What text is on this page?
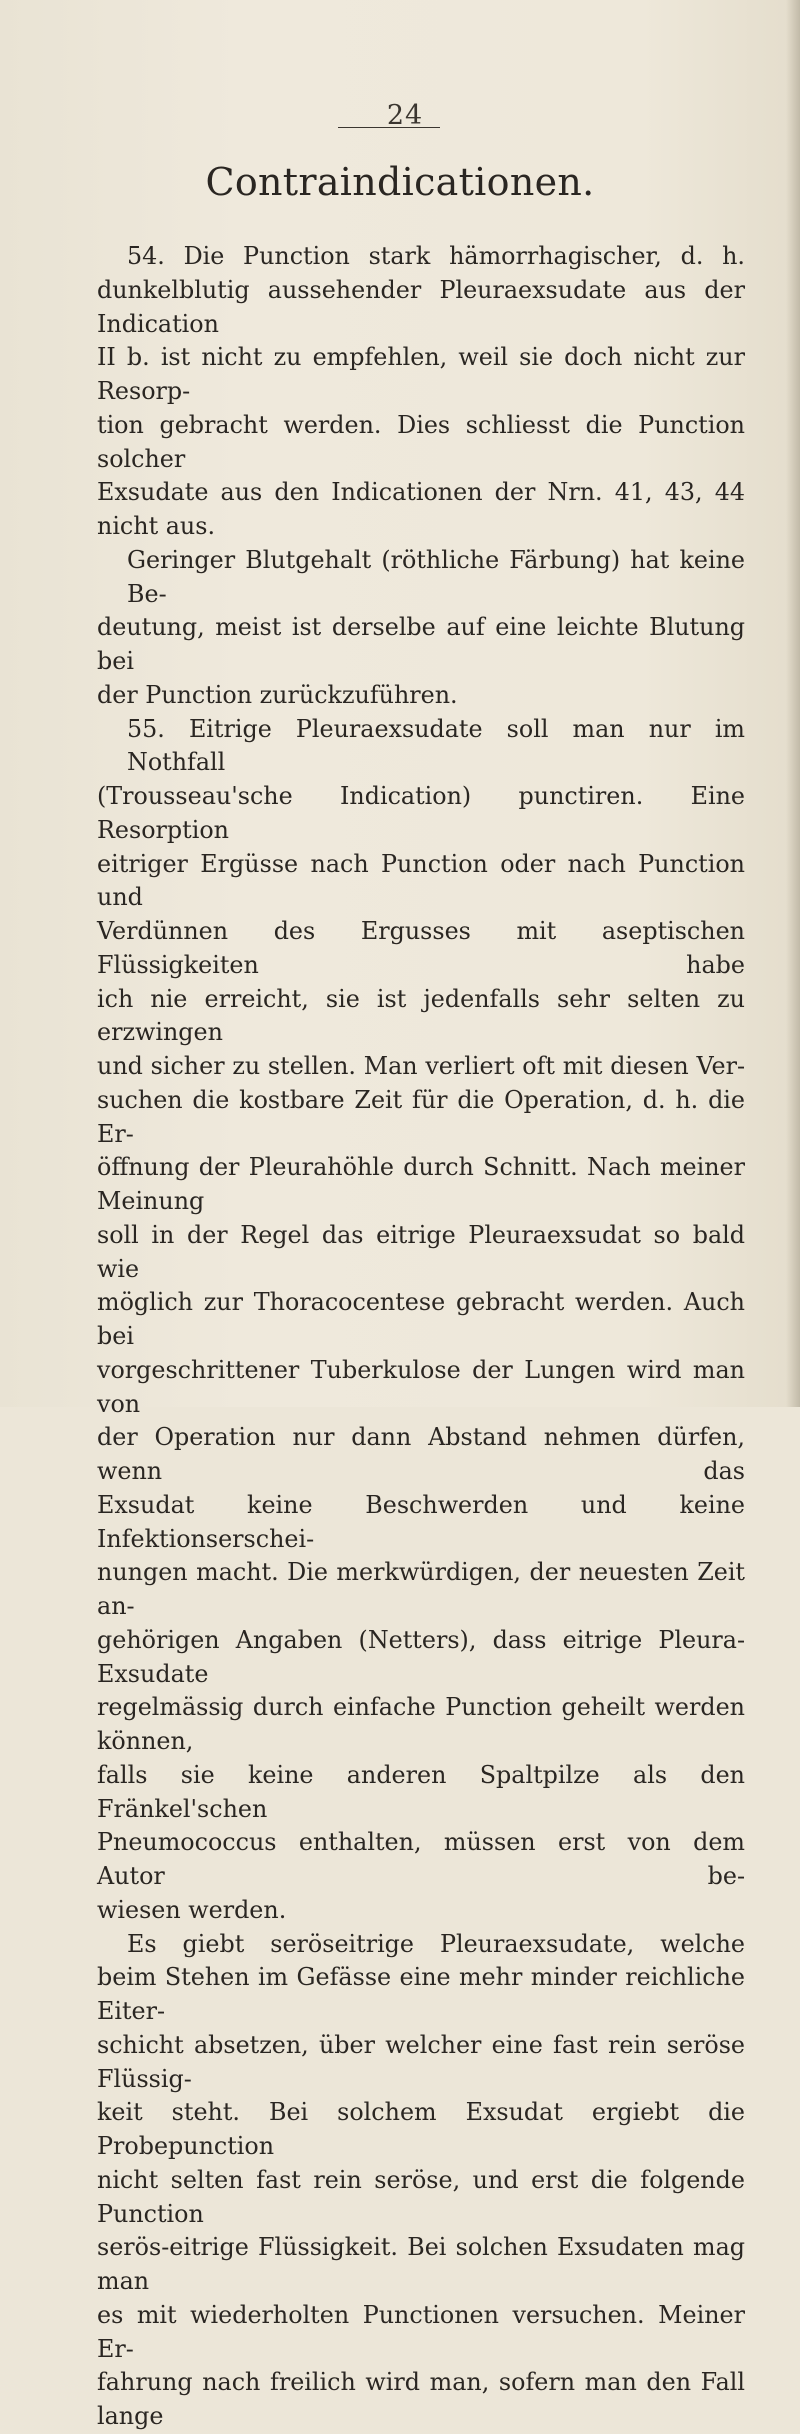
24
Contraindicationen.

54. Die Punction stark hämorrhagischer, d. h.
dunkelblutig aussehender Pleuraexsudate aus der Indication
II b. ist nicht zu empfehlen, weil sie doch nicht zur Resorp-
tion gebracht werden. Dies schliesst die Punction solcher
Exsudate aus den Indicationen der Nrn. 41, 43, 44 nicht aus.

Geringer Blutgehalt (röthliche Färbung) hat keine Be-
deutung, meist ist derselbe auf eine leichte Blutung bei
der Punction zurückzuführen.

55. Eitrige Pleuraexsudate soll man nur im Nothfall
(Trousseau'sche Indication) punctiren. Eine Resorption
eitriger Ergüsse nach Punction oder nach Punction und
Verdünnen des Ergusses mit aseptischen Flüssigkeiten habe
ich nie erreicht, sie ist jedenfalls sehr selten zu erzwingen
und sicher zu stellen. Man verliert oft mit diesen Ver-
suchen die kostbare Zeit für die Operation, d. h. die Er-
öffnung der Pleurahöhle durch Schnitt. Nach meiner Meinung
soll in der Regel das eitrige Pleuraexsudat so bald wie
möglich zur Thoracocentese gebracht werden. Auch bei
vorgeschrittener Tuberkulose der Lungen wird man von
der Operation nur dann Abstand nehmen dürfen, wenn das
Exsudat keine Beschwerden und keine Infektionserschei-
nungen macht. Die merkwürdigen, der neuesten Zeit an-
gehörigen Angaben (Netters), dass eitrige Pleura-Exsudate
regelmässig durch einfache Punction geheilt werden können,
falls sie keine anderen Spaltpilze als den Fränkel'schen
Pneumococcus enthalten, müssen erst von dem Autor be-
wiesen werden.

Es giebt seröseitrige Pleuraexsudate, welche
beim Stehen im Gefässe eine mehr minder reichliche Eiter-
schicht absetzen, über welcher eine fast rein seröse Flüssig-
keit steht. Bei solchem Exsudat ergiebt die Probepunction
nicht selten fast rein seröse, und erst die folgende Punction
serös-eitrige Flüssigkeit. Bei solchen Exsudaten mag man
es mit wiederholten Punctionen versuchen. Meiner Er-
fahrung nach freilich wird man, sofern man den Fall lange
